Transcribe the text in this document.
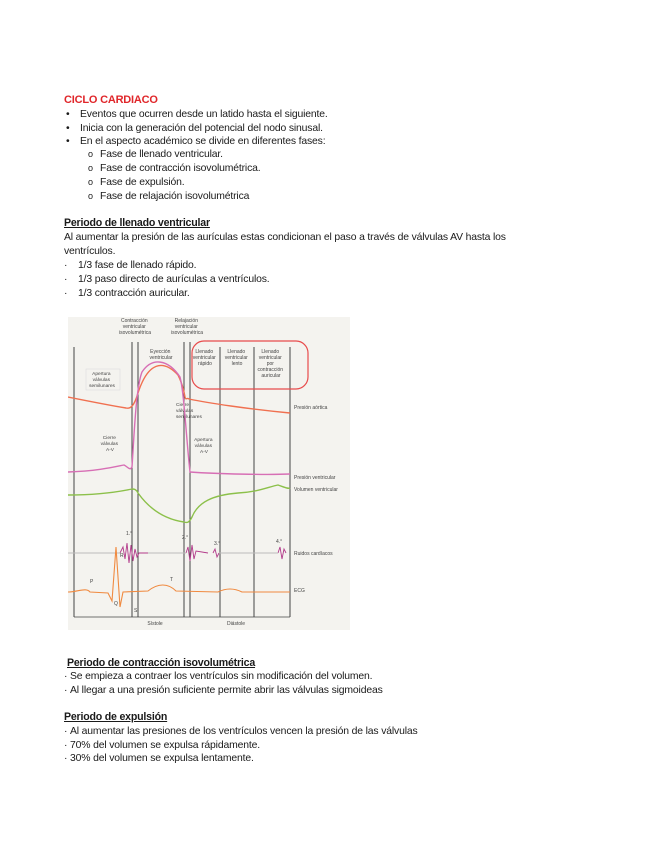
CICLO CARDIACO
• Eventos que ocurren desde un latido hasta el siguiente.
• Inicia con la generación del potencial del nodo sinusal.
• En el aspecto académico se divide en diferentes fases:
o Fase de llenado ventricular.
o Fase de contracción isovolumétrica.
o Fase de expulsión.
o Fase de relajación isovolumétrica
Periodo de llenado ventricular
Al aumentar la presión de las aurículas estas condicionan el paso a través de válvulas AV hasta los
ventrículos.
· 1/3 fase de llenado rápido.
· 1/3 paso directo de aurículas a ventrículos.
· 1/3 contracción auricular.
Contracción ventricular isovolumétrica
Relajación ventricular isovolumétrica
Eyección ventricular
Llenado ventricular rápido
Llenado ventricular lento
Llenado ventricular por contracción auricular
Apertura válvulas semilunares
Cierre válvulas semilunares
Cierre válvulas A-V
Apertura válvulas A-V
Presión aórtica
Presión ventricular
Volumen ventricular
Ruidos cardíacos
ECG
1.°
2.°
3.°	4.°
P
R
Q
S
T
Sístole	Diástole
Periodo de contracción isovolumétrica
· Se empieza a contraer los ventrículos sin modificación del volumen.
· Al llegar a una presión suficiente permite abrir las válvulas sigmoideas
Periodo de expulsión
· Al aumentar las presiones de los ventrículos vencen la presión de las válvulas
· 70% del volumen se expulsa rápidamente.
· 30% del volumen se expulsa lentamente.
